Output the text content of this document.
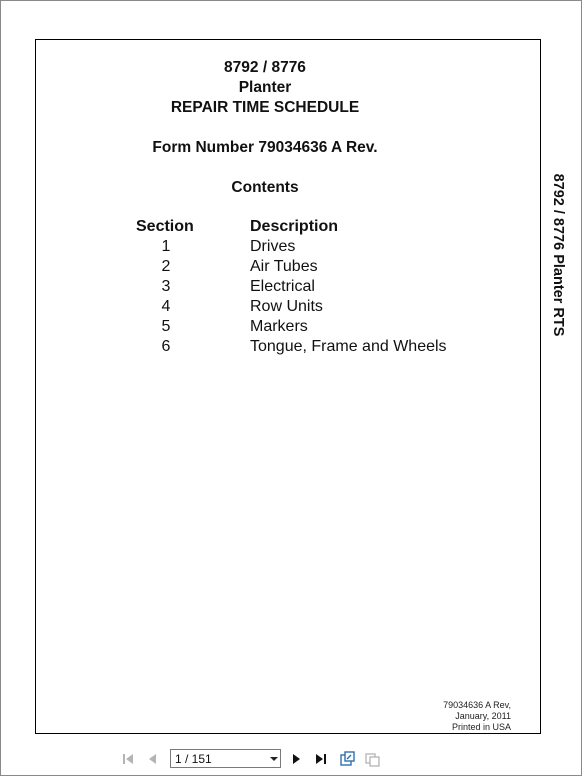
8792 / 8776
Planter
REPAIR TIME SCHEDULE
Form Number 79034636 A Rev.
Contents
Section	Description
1	Drives
2	Air Tubes
3	Electrical
4	Row Units
5	Markers
6	Tongue, Frame and Wheels
8792 / 8776 Planter RTS
79034636 A Rev,
January, 2011
Printed in USA
1 / 151
